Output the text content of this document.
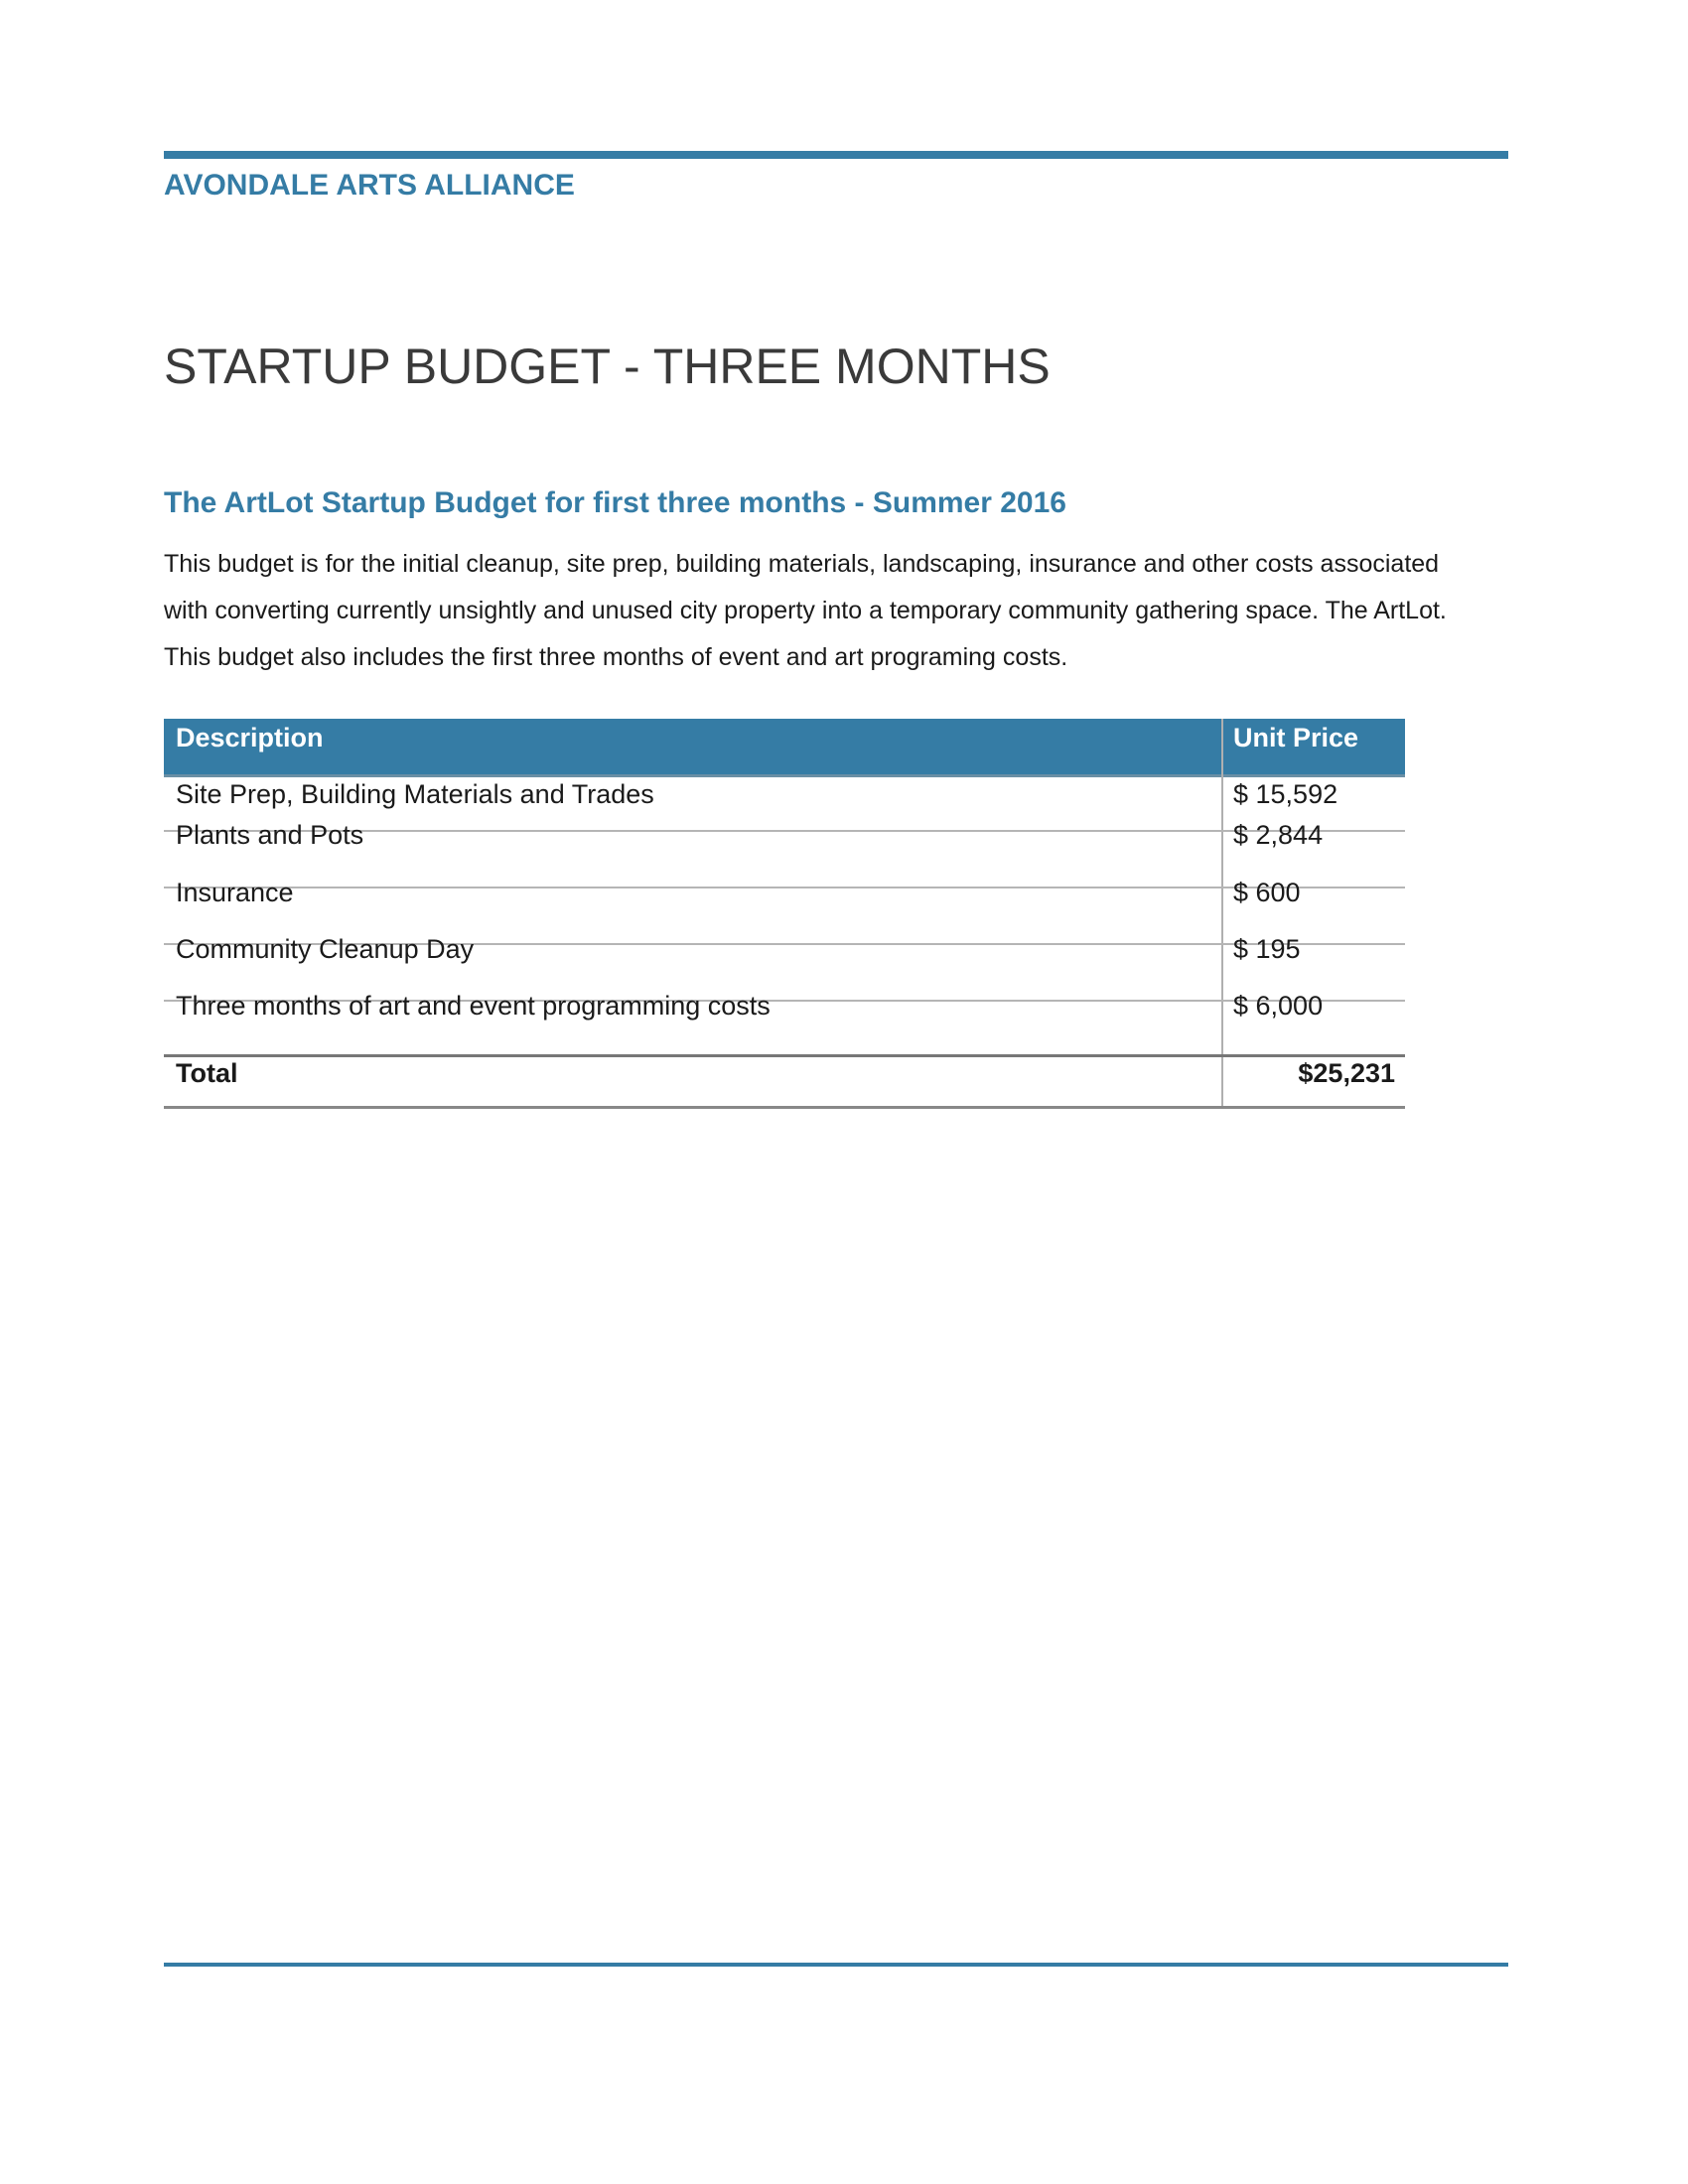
AVONDALE ARTS ALLIANCE
STARTUP BUDGET - THREE MONTHS
The ArtLot Startup Budget for first three months - Summer 2016
This budget is for the initial cleanup, site prep, building materials, landscaping, insurance and other costs associated with converting currently unsightly and unused city property into a temporary community gathering space. The ArtLot. This budget also includes the first three months of event and art programing costs.
Description	Unit Price
Site Prep, Building Materials and Trades	$ 15,592
Plants and Pots	$ 2,844
Insurance	$ 600
Community Cleanup Day	$ 195
Three months of art and event programming costs	$ 6,000
Total	$25,231
